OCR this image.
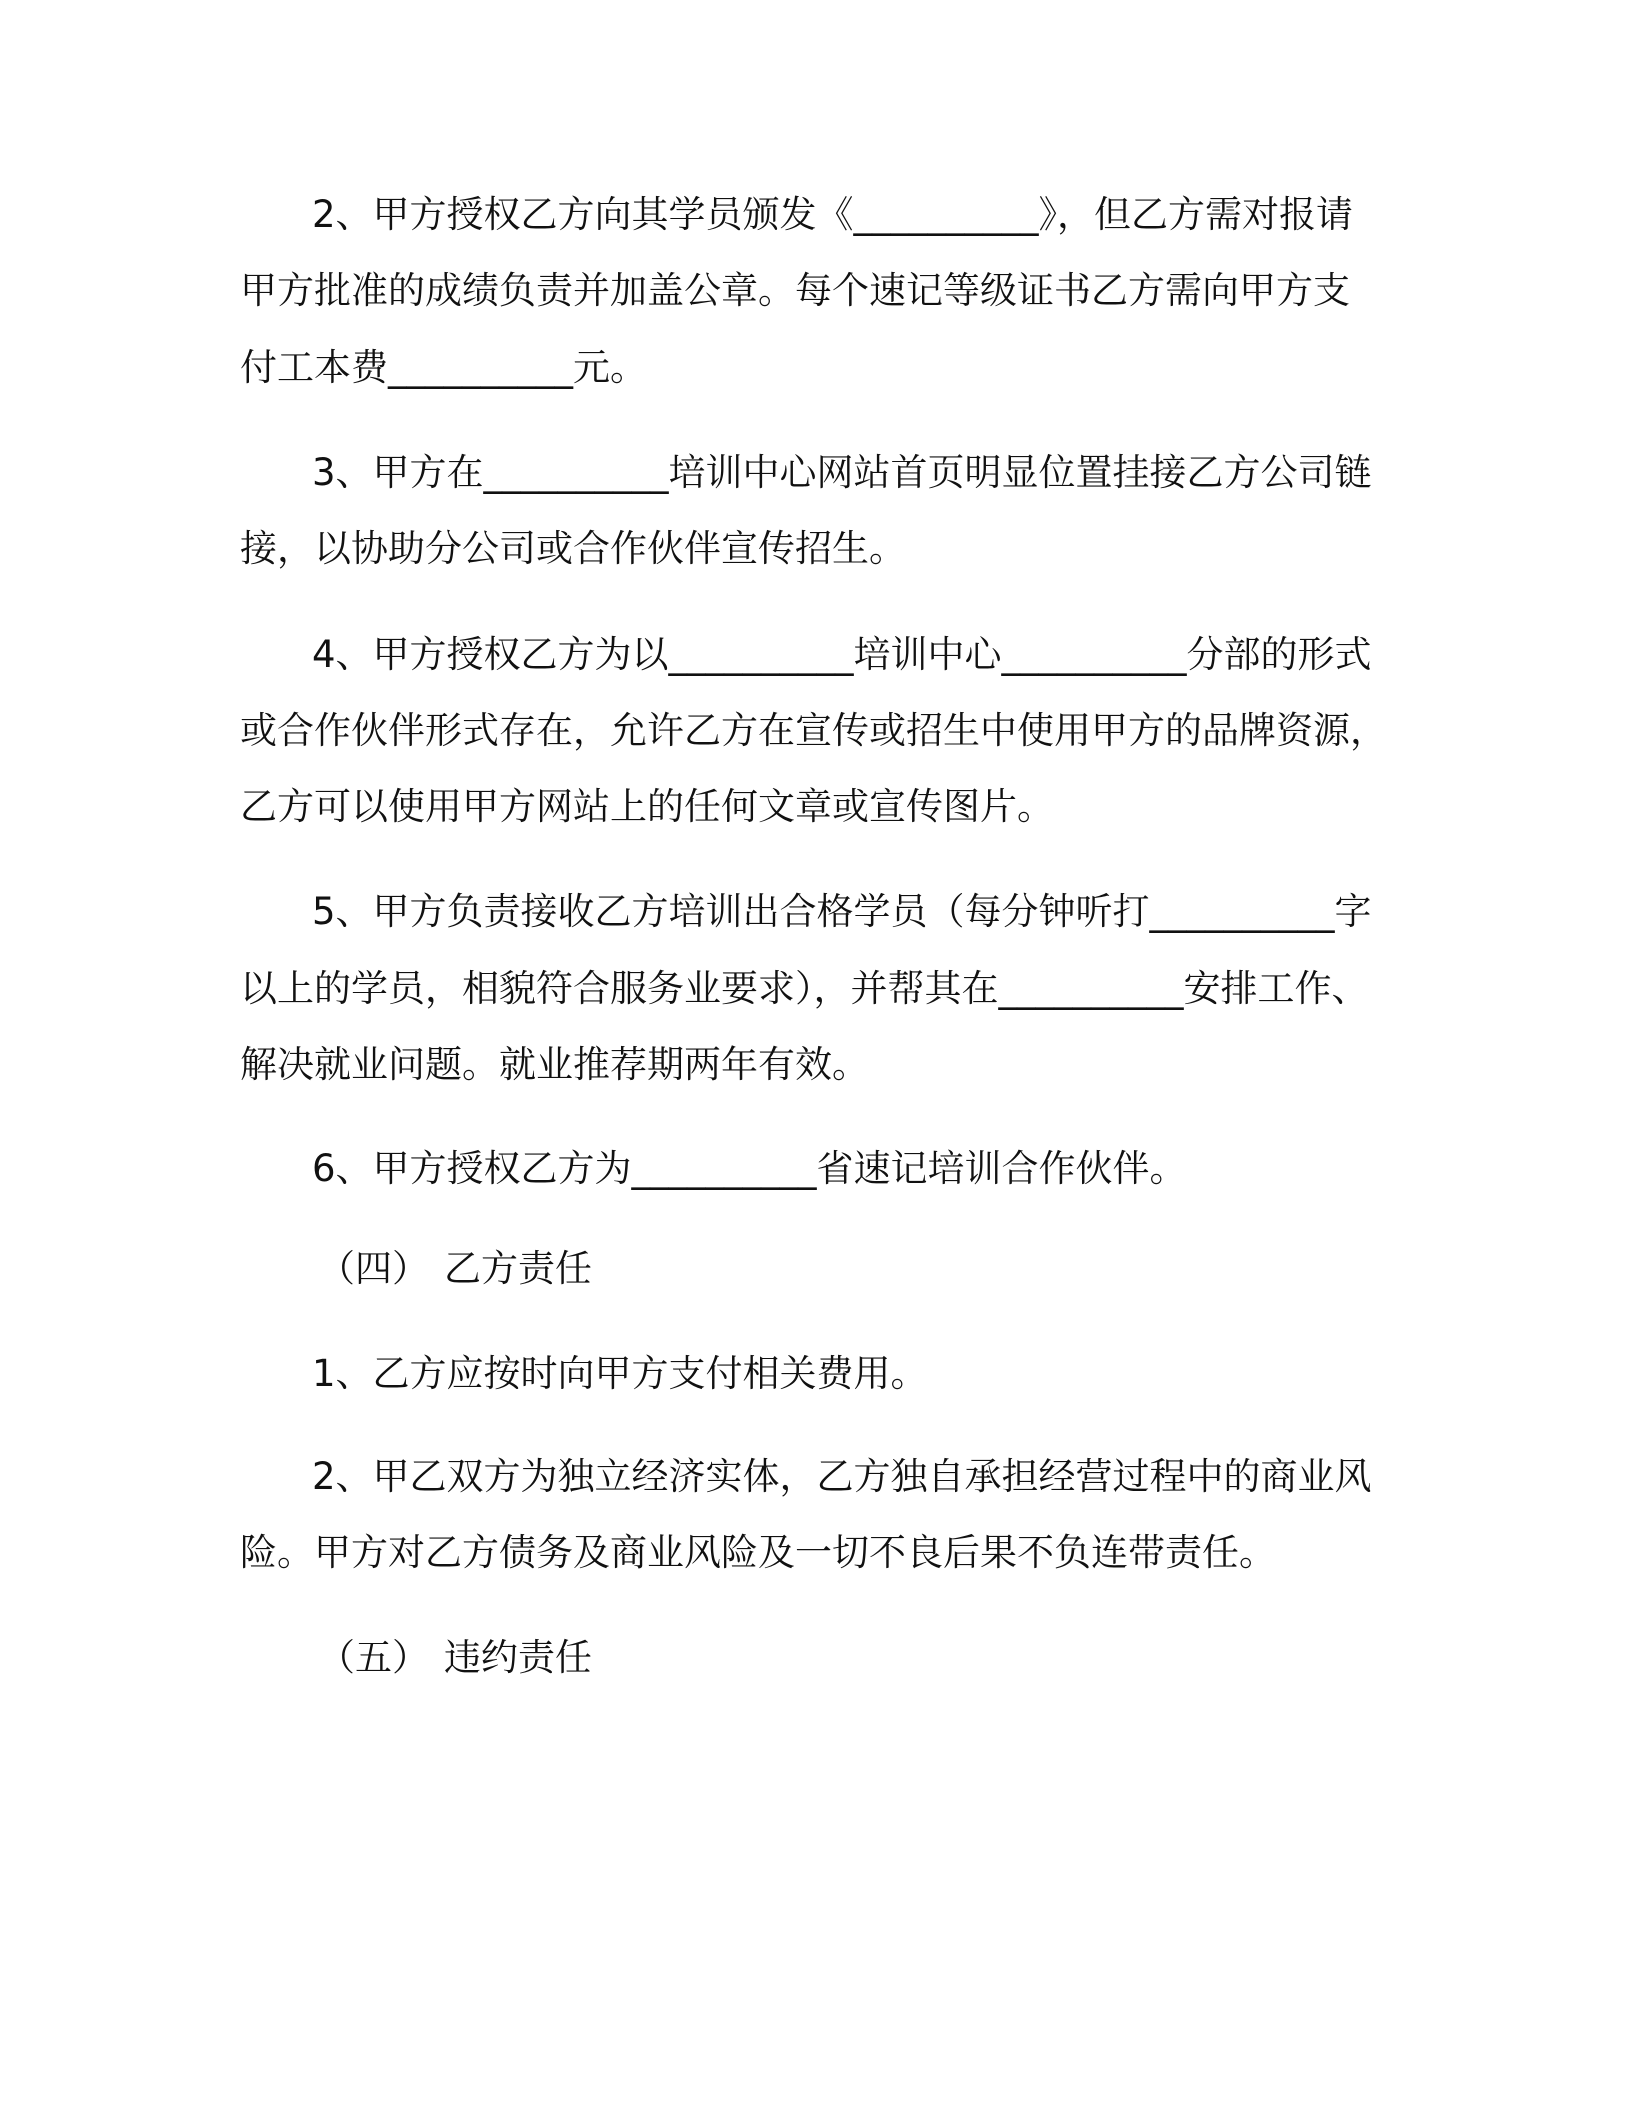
2、甲方授权乙方向其学员颁发《__________》，但乙方需对报请
甲方批准的成绩负责并加盖公章。每个速记等级证书乙方需向甲方支
付工本费__________元。
3、甲方在__________培训中心网站首页明显位置挂接乙方公司链
接，以协助分公司或合作伙伴宣传招生。
4、甲方授权乙方为以__________培训中心__________分部的形式
或合作伙伴形式存在，允许乙方在宣传或招生中使用甲方的品牌资源，
乙方可以使用甲方网站上的任何文章或宣传图片。
5、甲方负责接收乙方培训出合格学员（每分钟听打__________字
以上的学员，相貌符合服务业要求），并帮其在__________安排工作、
解决就业问题。就业推荐期两年有效。
6、甲方授权乙方为__________省速记培训合作伙伴。
（四） 乙方责任
1、乙方应按时向甲方支付相关费用。
2、甲乙双方为独立经济实体，乙方独自承担经营过程中的商业风
险。甲方对乙方债务及商业风险及一切不良后果不负连带责任。
（五） 违约责任
